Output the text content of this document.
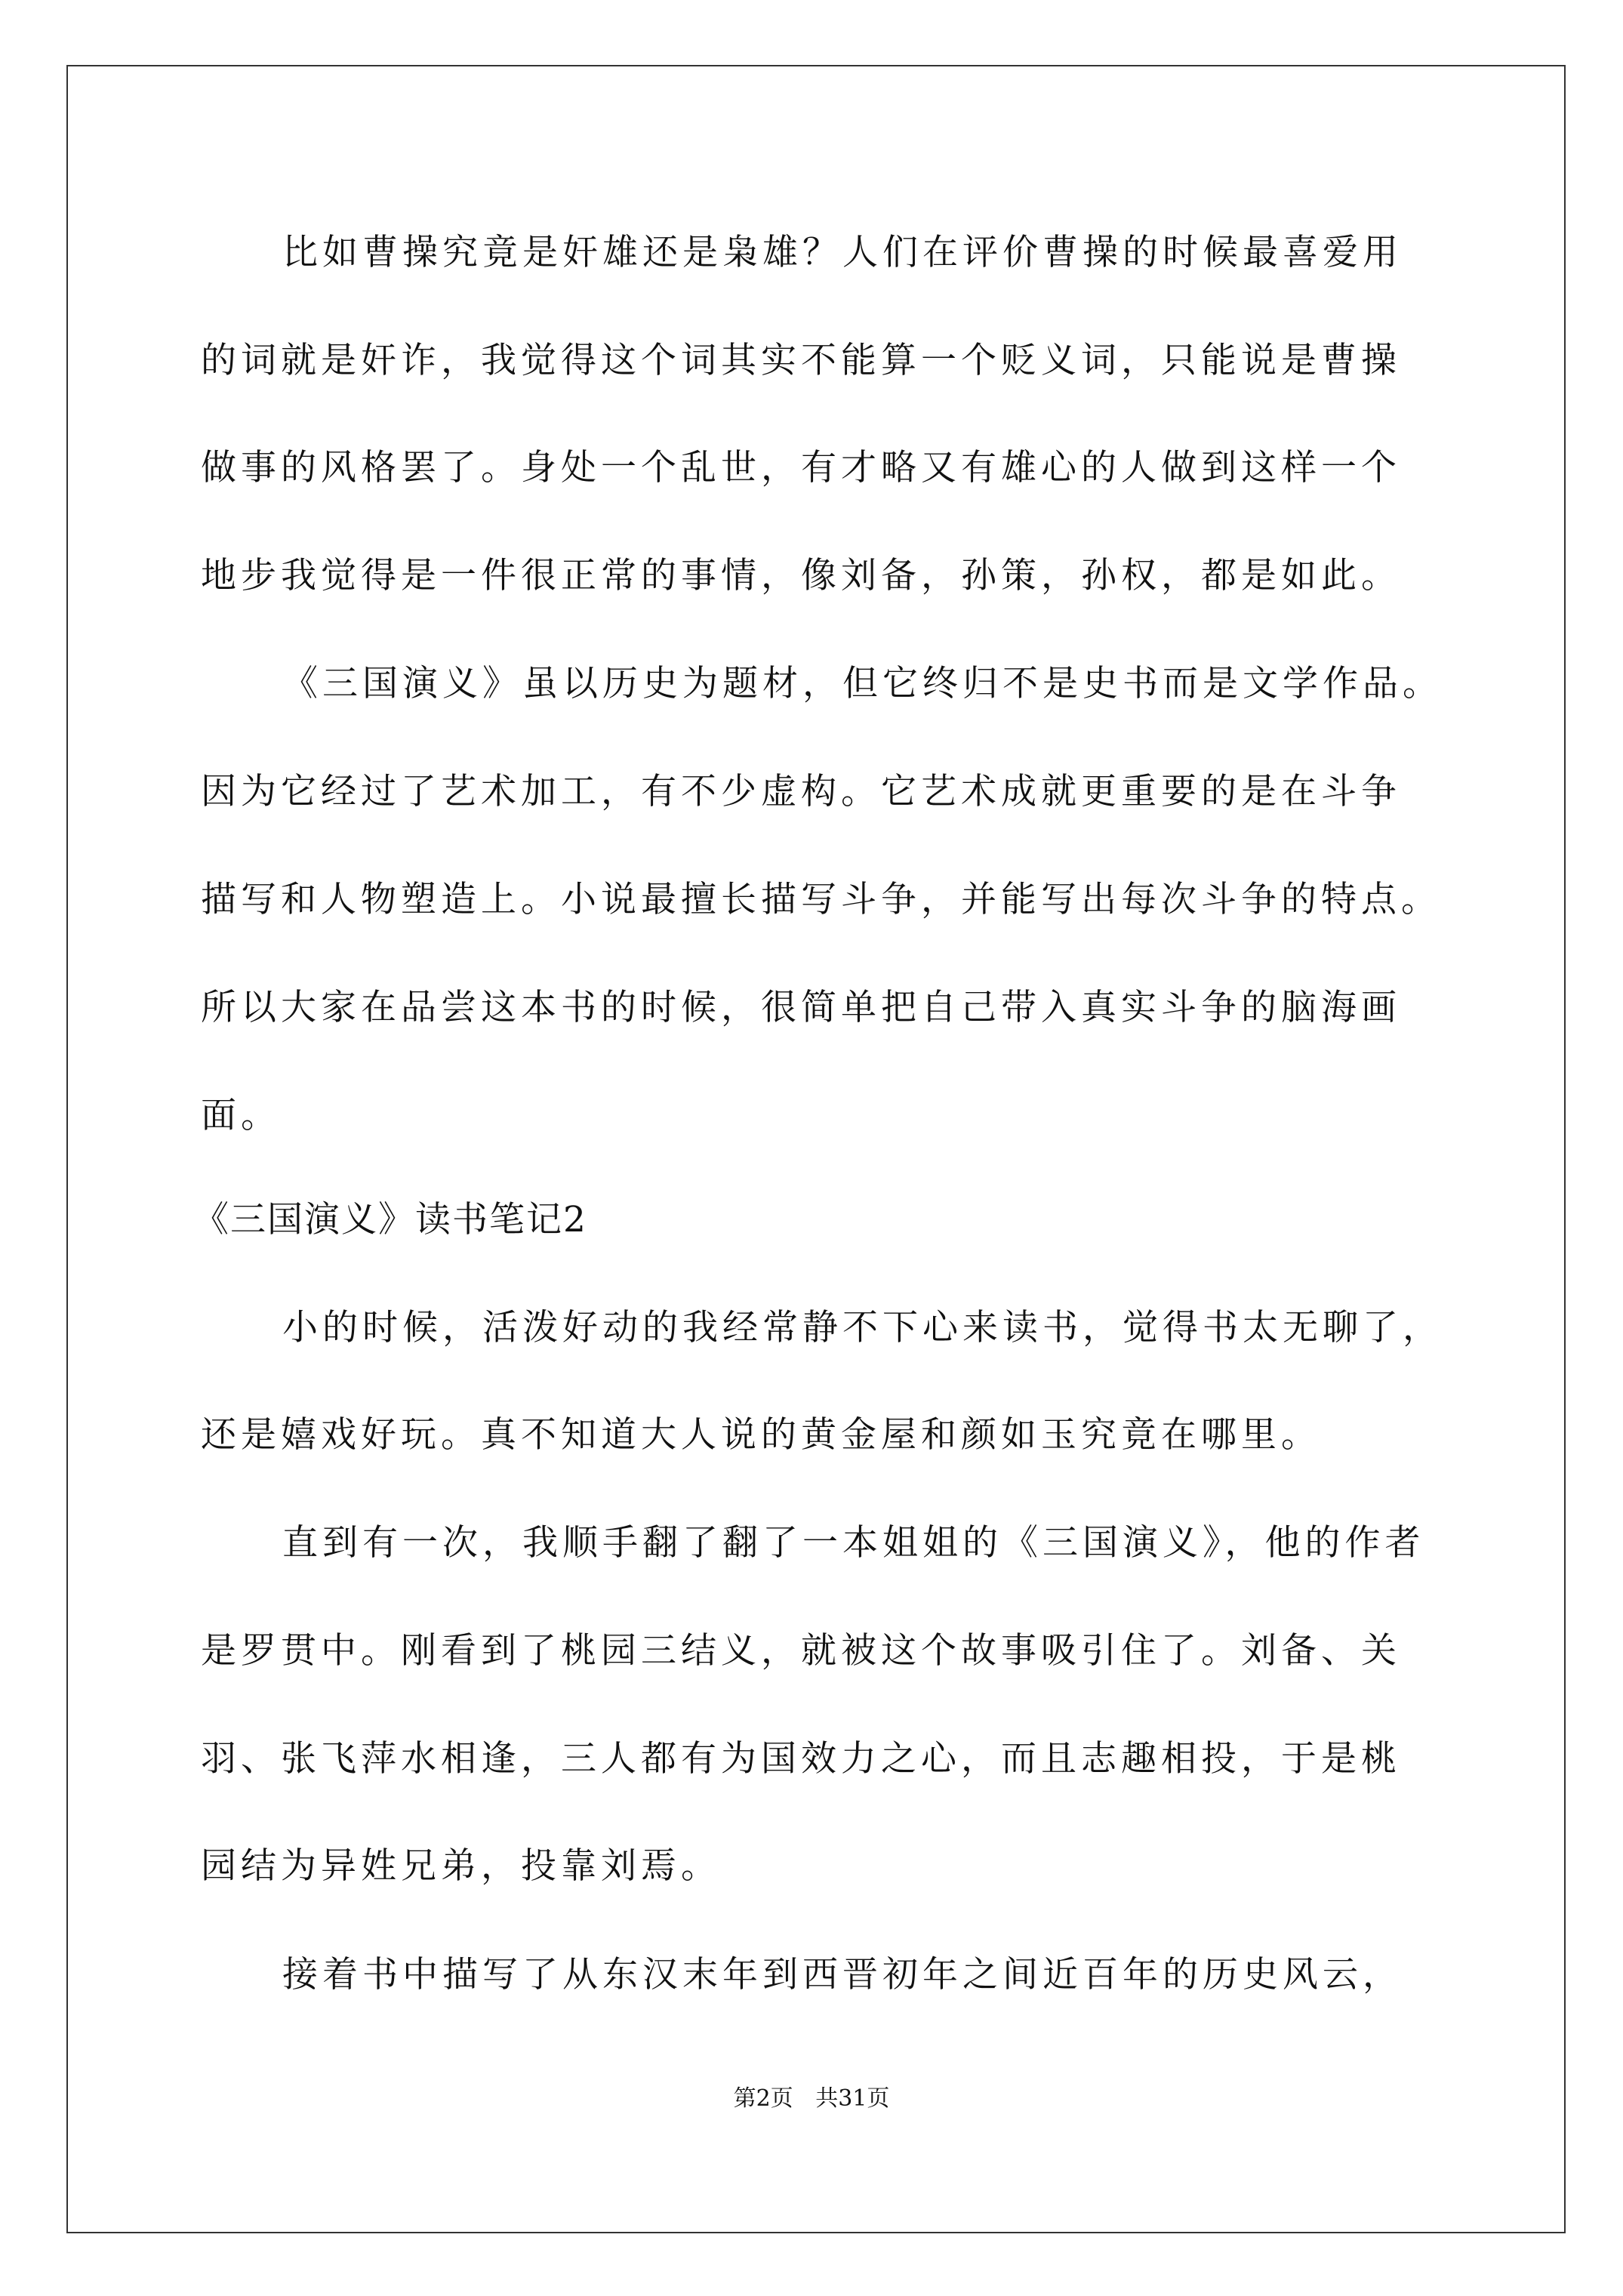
比如曹操究竟是奸雄还是枭雄？人们在评价曹操的时候最喜爱用
的词就是奸诈，我觉得这个词其实不能算一个贬义词，只能说是曹操
做事的风格罢了。身处一个乱世，有才略又有雄心的人做到这样一个
地步我觉得是一件很正常的事情，像刘备，孙策，孙权，都是如此。
《三国演义》虽以历史为题材，但它终归不是史书而是文学作品。
因为它经过了艺术加工，有不少虚构。它艺术成就更重要的是在斗争
描写和人物塑造上。小说最擅长描写斗争，并能写出每次斗争的特点。
所以大家在品尝这本书的时候，很简单把自己带入真实斗争的脑海画
面。
《三国演义》读书笔记2
小的时候，活泼好动的我经常静不下心来读书，觉得书太无聊了，
还是嬉戏好玩。真不知道大人说的黄金屋和颜如玉究竟在哪里。
直到有一次，我顺手翻了翻了一本姐姐的《三国演义》，他的作者
是罗贯中。刚看到了桃园三结义，就被这个故事吸引住了。刘备、关
羽、张飞萍水相逢，三人都有为国效力之心，而且志趣相投，于是桃
园结为异姓兄弟，投靠刘焉。
接着书中描写了从东汉末年到西晋初年之间近百年的历史风云，
第2页 共31页
